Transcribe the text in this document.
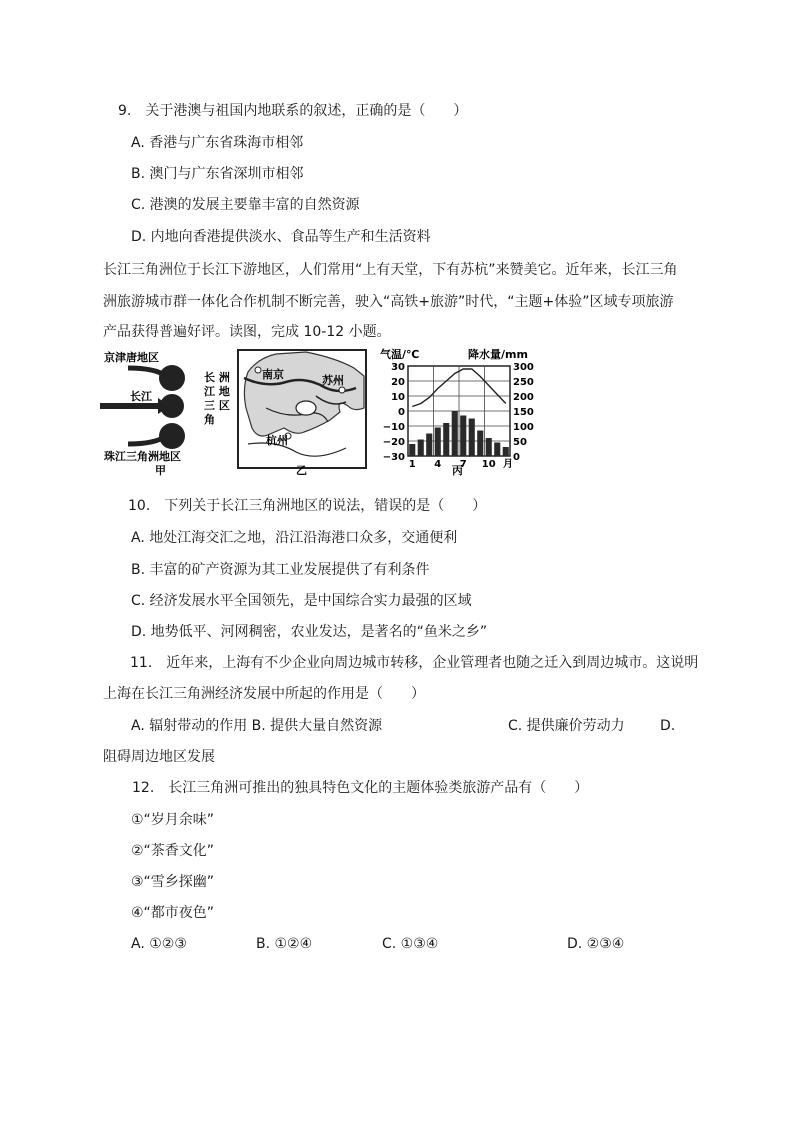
9.　关于港澳与祖国内地联系的叙述，正确的是（　　）
A. 香港与广东省珠海市相邻
B. 澳门与广东省深圳市相邻
C. 港澳的发展主要靠丰富的自然资源
D. 内地向香港提供淡水、食品等生产和生活资料
长江三角洲位于长江下游地区，人们常用“上有天堂，下有苏杭”来赞美它。近年来，长江三角
洲旅游城市群一体化合作机制不断完善，驶入“高铁+旅游”时代，“主题+体验”区域专项旅游
产品获得普遍好评。读图，完成 10-12 小题。
京津唐地区
长江
长 洲
江 地
三 区
角
珠江三角洲地区
甲
南京	苏州
杭州
乙
气温/℃	降水量/mm
30
20
10
0
−10
−20
−30
300
250
200
150
100
50
0
1 4 7 10 月
丙
10.　下列关于长江三角洲地区的说法，错误的是（　　）
A. 地处江海交汇之地，沿江沿海港口众多，交通便利
B. 丰富的矿产资源为其工业发展提供了有利条件
C. 经济发展水平全国领先，是中国综合实力最强的区域
D. 地势低平、河网稠密，农业发达，是著名的“鱼米之乡”
11.　近年来，上海有不少企业向周边城市转移，企业管理者也随之迁入到周边城市。这说明
上海在长江三角洲经济发展中所起的作用是（　　）
A. 辐射带动的作用 B. 提供大量自然资源	C. 提供廉价劳动力	D.
阻碍周边地区发展
12.　长江三角洲可推出的独具特色文化的主题体验类旅游产品有（　　）
①“岁月余味”
②“茶香文化”
③“雪乡探幽”
④“都市夜色”
A. ①②③	B. ①②④	C. ①③④	D. ②③④
